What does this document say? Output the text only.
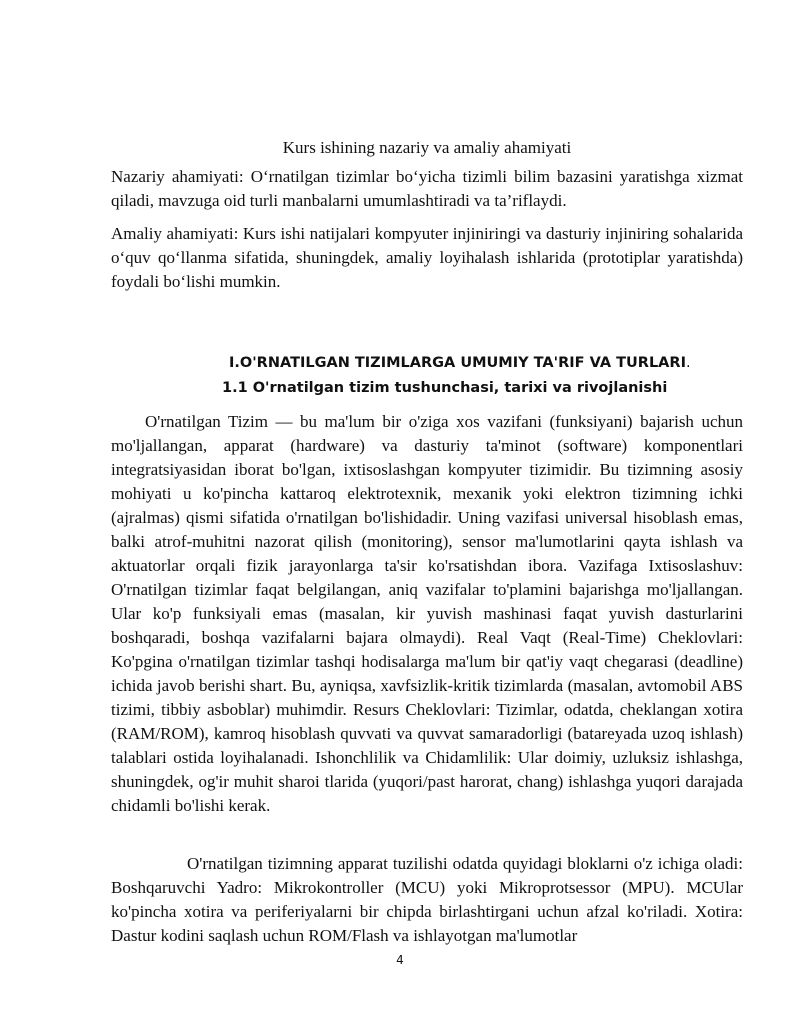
Kurs ishining nazariy va amaliy ahamiyati

Nazariy ahamiyati: O‘rnatilgan tizimlar bo‘yicha tizimli bilim bazasini yaratishga xizmat qiladi, mavzuga oid turli manbalarni umumlashtiradi va ta’riflaydi.

Amaliy ahamiyati: Kurs ishi natijalari kompyuter injiniringi va dasturiy injiniring sohalarida o‘quv qo‘llanma sifatida, shuningdek, amaliy loyihalash ishlarida (prototiplar yaratishda) foydali bo‘lishi mumkin.

I.O'RNATILGAN TIZIMLARGA UMUMIY TA'RIF VA TURLARI.
1.1 O'rnatilgan tizim tushunchasi, tarixi va rivojlanishi

O'rnatilgan Tizim — bu ma'lum bir o'ziga xos vazifani (funksiyani) bajarish uchun mo'ljallangan, apparat (hardware) va dasturiy ta'minot (software) komponentlari integratsiyasidan iborat bo'lgan, ixtisoslashgan kompyuter tizimidir. Bu tizimning asosiy mohiyati u ko'pincha kattaroq elektrotexnik, mexanik yoki elektron tizimning ichki (ajralmas) qismi sifatida o'rnatilgan bo'lishidadir. Uning vazifasi universal hisoblash emas, balki atrof-muhitni nazorat qilish (monitoring), sensor ma'lumotlarini qayta ishlash va aktuatorlar orqali fizik jarayonlarga ta'sir ko'rsatishdan ibora. Vazifaga Ixtisoslashuv: O'rnatilgan tizimlar faqat belgilangan, aniq vazifalar to'plamini bajarishga mo'ljallangan. Ular ko'p funksiyali emas (masalan, kir yuvish mashinasi faqat yuvish dasturlarini boshqaradi, boshqa vazifalarni bajara olmaydi). Real Vaqt (Real-Time) Cheklovlari: Ko'pgina o'rnatilgan tizimlar tashqi hodisalarga ma'lum bir qat'iy vaqt chegarasi (deadline) ichida javob berishi shart. Bu, ayniqsa, xavfsizlik-kritik tizimlarda (masalan, avtomobil ABS tizimi, tibbiy asboblar) muhimdir. Resurs Cheklovlari: Tizimlar, odatda, cheklangan xotira (RAM/ROM), kamroq hisoblash quvvati va quvvat samaradorligi (batareyada uzoq ishlash) talablari ostida loyihalanadi. Ishonchlilik va Chidamlilik: Ular doimiy, uzluksiz ishlashga, shuningdek, og'ir muhit sharoi tlarida (yuqori/past harorat, chang) ishlashga yuqori darajada chidamli bo'lishi kerak.

O'rnatilgan tizimning apparat tuzilishi odatda quyidagi bloklarni o'z ichiga oladi: Boshqaruvchi Yadro: Mikrokontroller (MCU) yoki Mikroprotsessor (MPU). MCUlar ko'pincha xotira va periferiyalarni bir chipda birlashtirgani uchun afzal ko'riladi. Xotira: Dastur kodini saqlash uchun ROM/Flash va ishlayotgan ma'lumotlar

4
